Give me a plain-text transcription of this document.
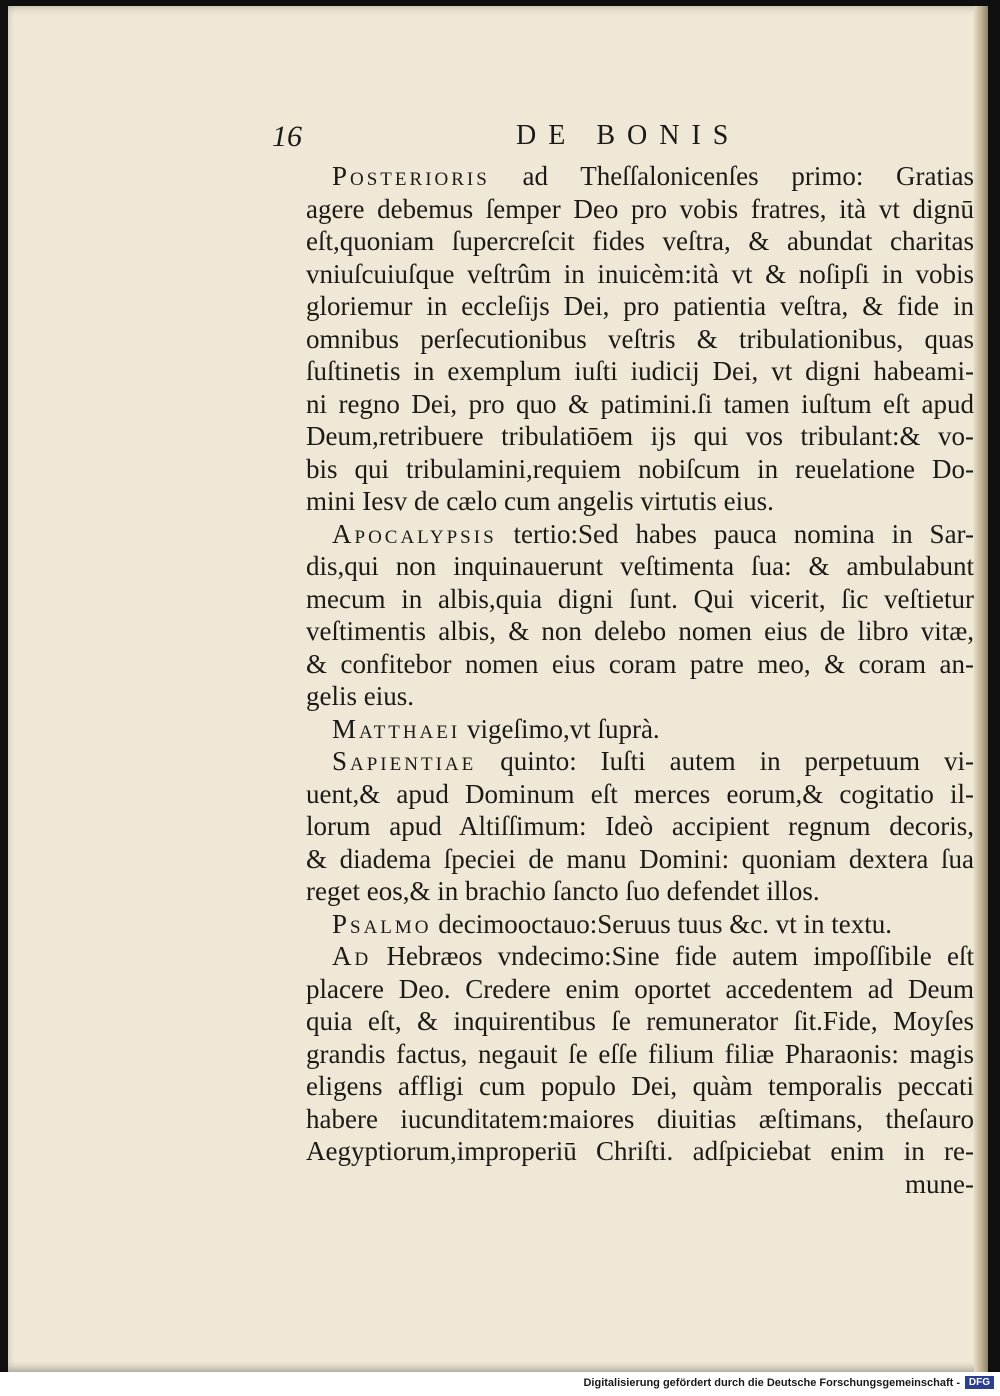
16	DE BONIS
Posterioris ad Theſſalonicenſes primo: Gratias
agere debemus ſemper Deo pro vobis fratres, ità vt dignū
eſt,quoniam ſupercreſcit fides veſtra, & abundat charitas
vniuſcuiuſque veſtrûm in inuicèm:ità vt & noſipſi in vobis
gloriemur in eccleſijs Dei, pro patientia veſtra, & fide in
omnibus perſecutionibus veſtris & tribulationibus, quas
ſuſtinetis in exemplum iuſti iudicij Dei, vt digni habeami-
ni regno Dei, pro quo & patimini.ſi tamen iuſtum eſt apud
Deum,retribuere tribulatiōem ijs qui vos tribulant:& vo-
bis qui tribulamini,requiem nobiſcum in reuelatione Do-
mini Iesv de cælo cum angelis virtutis eius.
Apocalypsis tertio:Sed habes pauca nomina in Sar-
dis,qui non inquinauerunt veſtimenta ſua: & ambulabunt
mecum in albis,quia digni ſunt. Qui vicerit, ſic veſtietur
veſtimentis albis, & non delebo nomen eius de libro vitæ,
& confitebor nomen eius coram patre meo, & coram an-
gelis eius.
Matthaei vigeſimo,vt ſuprà.
Sapientiae quinto: Iuſti autem in perpetuum vi-
uent,& apud Dominum eſt merces eorum,& cogitatio il-
lorum apud Altiſſimum: Ideò accipient regnum decoris,
& diadema ſpeciei de manu Domini: quoniam dextera ſua
reget eos,& in brachio ſancto ſuo defendet illos.
Psalmo decimooctauo:Seruus tuus &c. vt in textu.
Ad Hebræos vndecimo:Sine fide autem impoſſibile eſt
placere Deo. Credere enim oportet accedentem ad Deum
quia eſt, & inquirentibus ſe remunerator ſit.Fide, Moyſes
grandis factus, negauit ſe eſſe filium filiæ Pharaonis: magis
eligens affligi cum populo Dei, quàm temporalis peccati
habere iucunditatem:maiores diuitias æſtimans, theſauro
Aegyptiorum,improperiū Chriſti. adſpiciebat enim in re-
mune-
Digitalisierung gefördert durch die Deutsche Forschungsgemeinschaft - DFG
